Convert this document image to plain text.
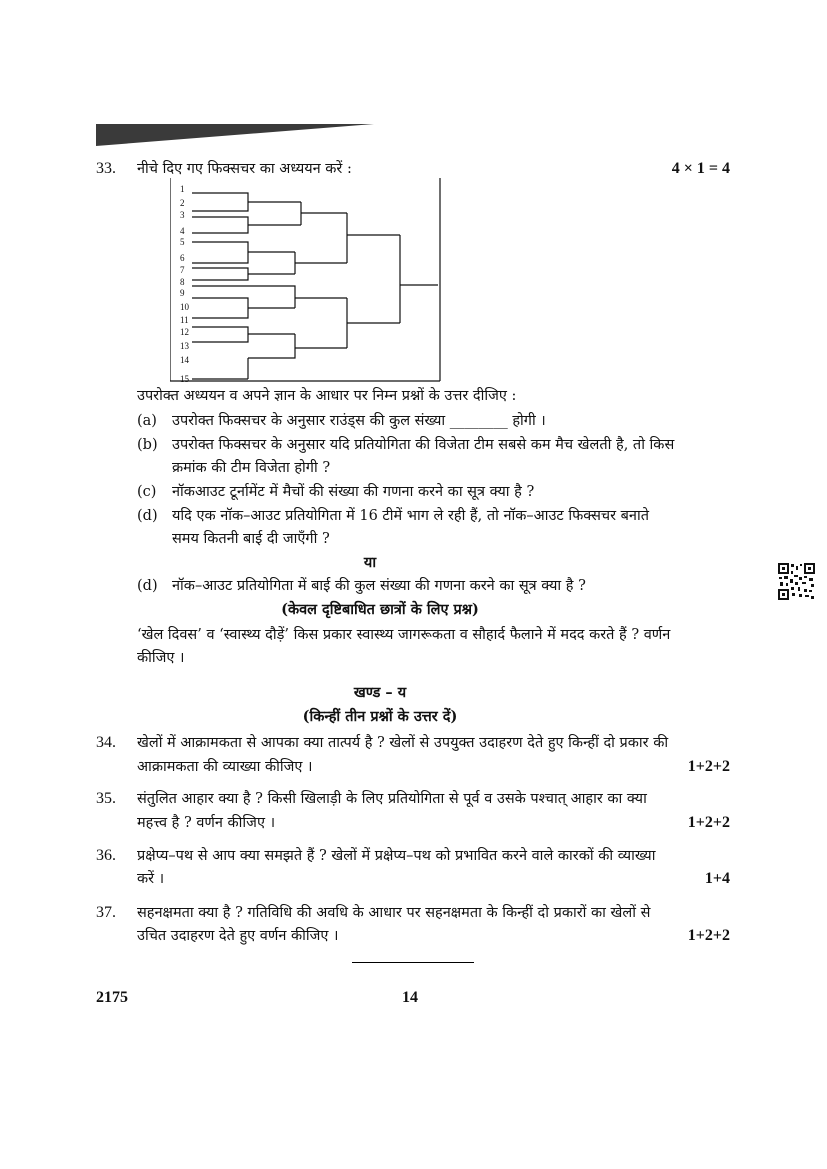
33. नीचे दिए गए फिक्सचर का अध्ययन करें :	4 × 1 = 4
1
2
3
4
5
6
7
8
9
10
11
12
13
14
15
उपरोक्त अध्ययन व अपने ज्ञान के आधार पर निम्न प्रश्नों के उत्तर दीजिए :
(a) उपरोक्त फिक्सचर के अनुसार राउंड्स की कुल संख्या ________ होगी ।
(b) उपरोक्त फिक्सचर के अनुसार यदि प्रतियोगिता की विजेता टीम सबसे कम मैच खेलती है, तो किस
क्रमांक की टीम विजेता होगी ?
(c) नॉकआउट टूर्नामेंट में मैचों की संख्या की गणना करने का सूत्र क्या है ?
(d) यदि एक नॉक–आउट प्रतियोगिता में 16 टीमें भाग ले रही हैं, तो नॉक–आउट फिक्सचर बनाते
समय कितनी बाई दी जाएँगी ?
या
(d) नॉक–आउट प्रतियोगिता में बाई की कुल संख्या की गणना करने का सूत्र क्या है ?
(केवल दृष्टिबाधित छात्रों के लिए प्रश्न)
‘खेल दिवस’ व ‘स्वास्थ्य दौड़ें’ किस प्रकार स्वास्थ्य जागरूकता व सौहार्द फैलाने में मदद करते हैं ? वर्णन
कीजिए ।
खण्ड – य
(किन्हीं तीन प्रश्नों के उत्तर दें)
34. खेलों में आक्रामकता से आपका क्या तात्पर्य है ? खेलों से उपयुक्त उदाहरण देते हुए किन्हीं दो प्रकार की
आक्रामकता की व्याख्या कीजिए ।	1+2+2
35. संतुलित आहार क्या है ? किसी खिलाड़ी के लिए प्रतियोगिता से पूर्व व उसके पश्चात् आहार का क्या
महत्त्व है ? वर्णन कीजिए ।	1+2+2
36. प्रक्षेप्य–पथ से आप क्या समझते हैं ? खेलों में प्रक्षेप्य–पथ को प्रभावित करने वाले कारकों की व्याख्या
करें ।	1+4
37. सहनक्षमता क्या है ? गतिविधि की अवधि के आधार पर सहनक्षमता के किन्हीं दो प्रकारों का खेलों से
उचित उदाहरण देते हुए वर्णन कीजिए ।	1+2+2
2175	14
